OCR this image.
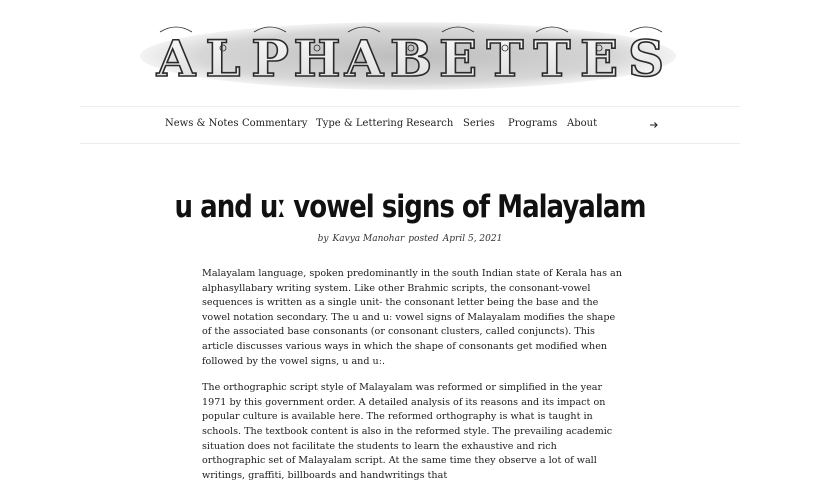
A L P H A B E T T E S
News & Notes Commentary Type & Lettering Research Series Programs About
u and uː vowel signs of Malayalam
by Kavya Manohar posted April 5, 2021

Malayalam language, spoken predominantly in the south Indian state of Kerala has an alphasyllabary writing system. Like other Brahmic scripts, the consonant-vowel sequences is written as a single unit- the consonant letter being the base and the vowel notation secondary. The u and uː vowel signs of Malayalam modifies the shape of the associated base consonants (or consonant clusters, called conjuncts). This article discusses various ways in which the shape of consonants get modified when followed by the vowel signs, u and uː.

The orthographic script style of Malayalam was reformed or simplified in the year 1971 by this government order. A detailed analysis of its reasons and its impact on popular culture is available here. The reformed orthography is what is taught in schools. The textbook content is also in the reformed style. The prevailing academic situation does not facilitate the students to learn the exhaustive and rich orthographic set of Malayalam script. At the same time they observe a lot of wall writings, graffiti, billboards and handwritings that
